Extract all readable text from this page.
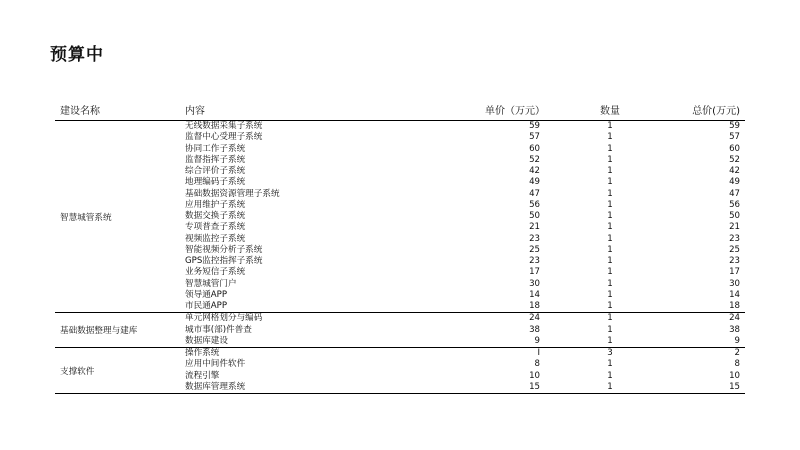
预算中
建设名称	内容	单价（万元）	数量	总价(万元)
智慧城管系统
无线数据采集子系统	59	1	59
监督中心受理子系统	57	1	57
协同工作子系统	60	1	60
监督指挥子系统	52	1	52
综合评价子系统	42	1	42
地理编码子系统	49	1	49
基础数据资源管理子系统	47	1	47
应用维护子系统	56	1	56
数据交换子系统	50	1	50
专项普查子系统	21	1	21
视频监控子系统	23	1	23
智能视频分析子系统	25	1	25
GPS监控指挥子系统	23	1	23
业务短信子系统	17	1	17
智慧城管门户	30	1	30
领导通APP	14	1	14
市民通APP	18	1	18
基础数据整理与建库
单元网格划分与编码	24	1	24
城市事(部)件普查	38	1	38
数据库建设	9	1	9
支撑软件
操作系统	I	3	2
应用中间件软件	8	1	8
流程引擎	10	1	10
数据库管理系统	15	1	15
